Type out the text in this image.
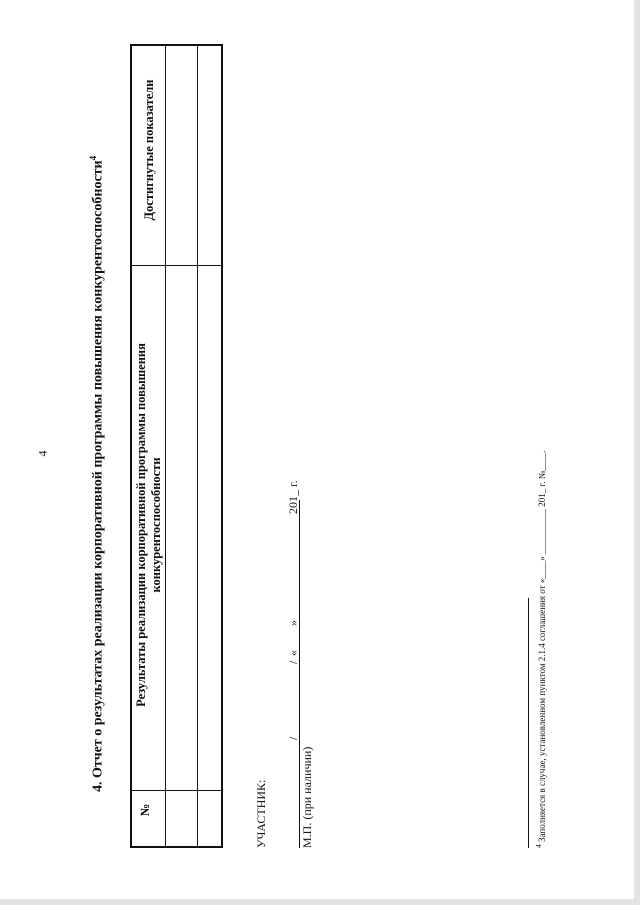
4
4. Отчет о результатах реализации корпоративной программы повышения конкурентоспособности$^4$
№
Результаты реализации корпоративной программы повышения конкурентоспособности
Достигнутые показатели
УЧАСТНИК:	М.П. (при наличии)
/
/
«
»
201_ г.
$^4$ Заполняется в случае, установленном пунктом 2.1.4 соглашения от «____» __________ 201_ г. №____.
